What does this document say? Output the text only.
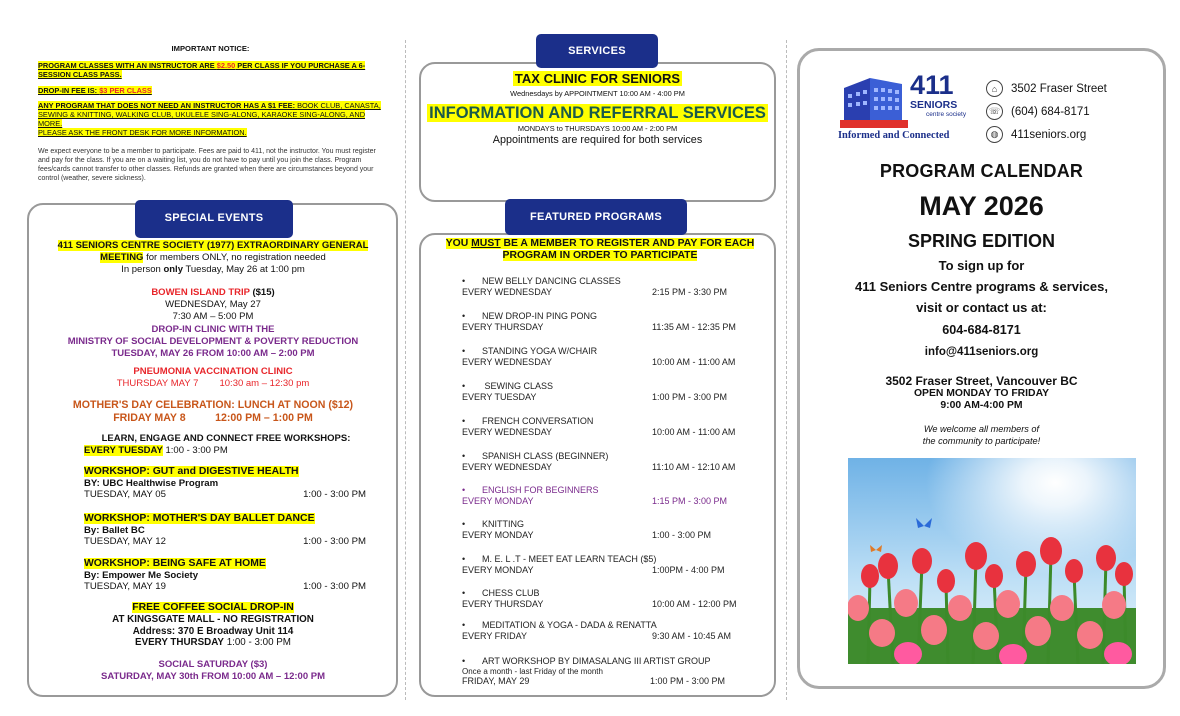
IMPORTANT NOTICE:
PROGRAM CLASSES WITH AN INSTRUCTOR ARE $2.50 PER CLASS IF YOU PURCHASE A 6-SESSION CLASS PASS.
DROP-IN FEE IS: $3 PER CLASS
ANY PROGRAM THAT DOES NOT NEED AN INSTRUCTOR HAS A $1 FEE: BOOK CLUB, CANASTA, SEWING & KNITTING, WALKING CLUB, UKULELE SING-ALONG, KARAOKE SING-ALONG, AND MORE.
PLEASE ASK THE FRONT DESK FOR MORE INFORMATION.
We expect everyone to be a member to participate. Fees are paid to 411, not the instructor. You must register and pay for the class. If you are on a waiting list, you do not have to pay until you join the class. Program fees/cards cannot transfer to other classes. Refunds are granted when there are circumstances beyond your control (weather, severe sickness).
SPECIAL EVENTS
411 SENIORS CENTRE SOCIETY (1977) EXTRAORDINARY GENERAL
MEETING for members ONLY, no registration needed
In person only Tuesday, May 26 at 1:00 pm
BOWEN ISLAND TRIP ($15)
WEDNESDAY, May 27
7:30 AM – 5:00 PM
DROP-IN CLINIC WITH THE
MINISTRY OF SOCIAL DEVELOPMENT & POVERTY REDUCTION
TUESDAY, MAY 26 FROM 10:00 AM – 2:00 PM
PNEUMONIA VACCINATION CLINIC
THURSDAY MAY 7 10:30 am – 12:30 pm
MOTHER'S DAY CELEBRATION: LUNCH AT NOON ($12)
FRIDAY MAY 8	12:00 PM – 1:00 PM
LEARN, ENGAGE AND CONNECT FREE WORKSHOPS:
EVERY TUESDAY 1:00 - 3:00 PM
WORKSHOP: GUT and DIGESTIVE HEALTH
BY: UBC Healthwise Program
TUESDAY, MAY 05	1:00 - 3:00 PM
WORKSHOP: MOTHER'S DAY BALLET DANCE
By: Ballet BC
TUESDAY, MAY 12	1:00 - 3:00 PM
WORKSHOP: BEING SAFE AT HOME
By: Empower Me Society
TUESDAY, MAY 19	1:00 - 3:00 PM
FREE COFFEE SOCIAL DROP-IN
AT KINGSGATE MALL - NO REGISTRATION
Address: 370 E Broadway Unit 114
EVERY THURSDAY 1:00 - 3:00 PM
SOCIAL SATURDAY ($3)
SATURDAY, MAY 30th FROM 10:00 AM – 12:00 PM
SERVICES
TAX CLINIC FOR SENIORS
Wednesdays by APPOINTMENT 10:00 AM - 4:00 PM
INFORMATION AND REFERRAL SERVICES
MONDAYS to THURSDAYS 10:00 AM - 2:00 PM
Appointments are required for both services
FEATURED PROGRAMS
YOU MUST BE A MEMBER TO REGISTER AND PAY FOR EACH PROGRAM IN ORDER TO PARTICIPATE
• NEW BELLY DANCING CLASSES
EVERY WEDNESDAY	2:15 PM - 3:30 PM
• NEW DROP-IN PING PONG
EVERY THURSDAY	11:35 AM - 12:35 PM
• STANDING YOGA W/CHAIR
EVERY WEDNESDAY	10:00 AM - 11:00 AM
• SEWING CLASS
EVERY TUESDAY	1:00 PM - 3:00 PM
• FRENCH CONVERSATION
EVERY WEDNESDAY	10:00 AM - 11:00 AM
• SPANISH CLASS (BEGINNER)
EVERY WEDNESDAY	11:10 AM - 12:10 AM
• ENGLISH FOR BEGINNERS
EVERY MONDAY	1:15 PM - 3:00 PM
• KNITTING
EVERY MONDAY	1:00 - 3:00 PM
• M. E. L .T - MEET EAT LEARN TEACH ($5)
EVERY MONDAY	1:00PM - 4:00 PM
• CHESS CLUB
EVERY THURSDAY	10:00 AM - 12:00 PM
• MEDITATION & YOGA - DADA & RENATTA
EVERY FRIDAY	9:30 AM - 10:45 AM
• ART WORKSHOP BY DIMASALANG III ARTIST GROUP
Once a month - last Friday of the month
FRIDAY, MAY 29	1:00 PM - 3:00 PM
411
SENIORS
centre society
Informed and Connected
⌂	3502 Fraser Street
☏ (604) 684-8171
◍	411seniors.org
PROGRAM CALENDAR
MAY 2026
SPRING EDITION
To sign up for
411 Seniors Centre programs & services,
visit or contact us at:
604-684-8171
info@411seniors.org
3502 Fraser Street, Vancouver BC
OPEN MONDAY TO FRIDAY
9:00 AM-4:00 PM
We welcome all members of
the community to participate!
